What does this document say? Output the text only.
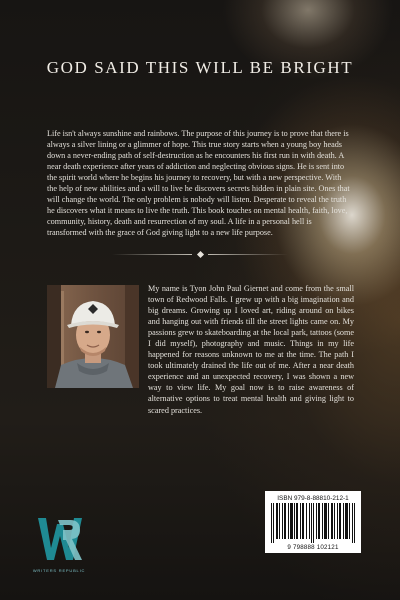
GOD SAID THIS WILL BE BRIGHT

Life isn't always sunshine and rainbows. The purpose of this journey is to prove that there is always a silver lining or a glimmer of hope. This true story starts when a young boy heads down a never-ending path of self-destruction as he encounters his first run in with death. A near death experience after years of addiction and neglecting obvious signs. He is sent into the spirit world where he begins his journey to recovery, but with a new perspective. With the help of new abilities and a will to live he discovers secrets hidden in plain site. Ones that will change the world. The only problem is nobody will listen. Desperate to reveal the truth he discovers what it means to live the truth. This book touches on mental health, faith, love, community, history, death and resurrection of my soul. A life in a personal hell is transformed with the grace of God giving light to a new life purpose.

My name is Tyon John Paul Giernet and come from the small town of Redwood Falls. I grew up with a big imagination and big dreams. Growing up I loved art, riding around on bikes and hanging out with friends till the street lights came on. My passions grew to skateboarding at the local park, tattoos (some I did myself), photography and music. Things in my life happened for reasons unknown to me at the time. The path I took ultimately drained the life out of me. After a near death experience and an unexpected recovery, I was shown a new way to view life. My goal now is to raise awareness of alternative options to treat mental health and giving light to scared practices.

WRITERS REPUBLIC
ISBN 979-8-88810-212-1
9 798888 102121
